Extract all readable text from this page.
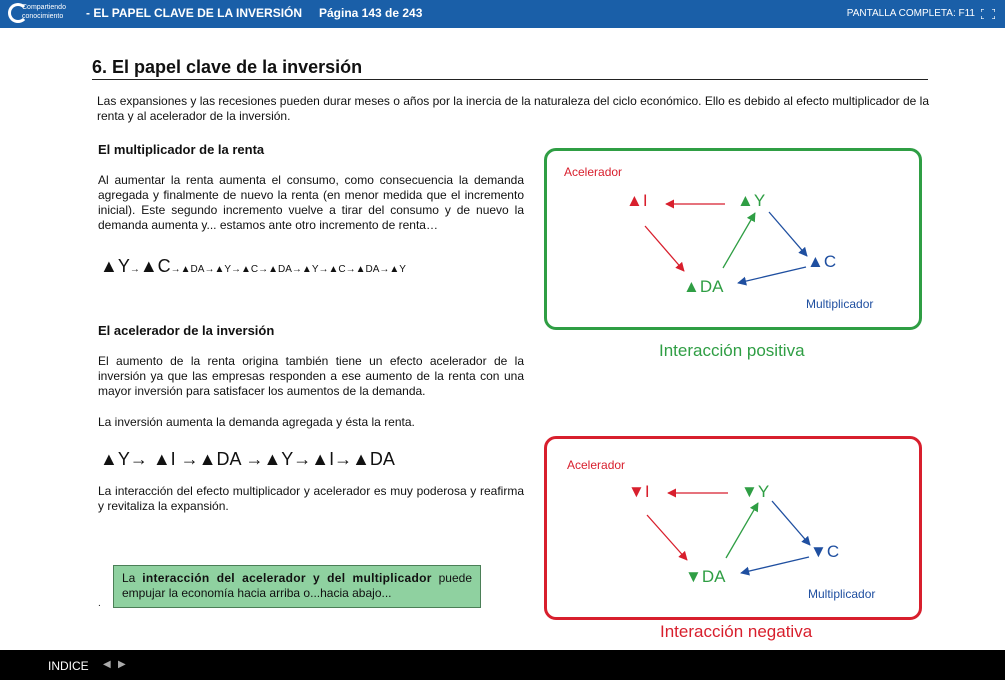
Compartiendo
conocimiento - EL PAPEL CLAVE DE LA INVERSIÓN Página 143 de 243	PANTALLA COMPLETA: F11
6. El papel clave de la inversión
Las expansiones y las recesiones pueden durar meses o años por la inercia de la naturaleza del ciclo económico. Ello es debido al efecto multiplicador de la renta y al acelerador de la inversión.
El multiplicador de la renta
Al aumentar la renta aumenta el consumo, como consecuencia la demanda agregada y finalmente de nuevo la renta (en menor medida que el incremento inicial). Este segundo incremento vuelve a tirar del consumo y de nuevo la demanda aumenta y... estamos ante otro incremento de renta…
▲Y→▲C→▲DA→▲Y→▲C→▲DA→▲Y→▲C→▲DA→▲Y
El acelerador de la inversión
El aumento de la renta origina también tiene un efecto acelerador de la inversión ya que las empresas responden a ese aumento de la renta con una mayor inversión para satisfacer los aumentos de la demanda.
La inversión aumenta la demanda agregada y ésta la renta.
▲Y→ ▲I →▲DA →▲Y→▲I→▲DA
La interacción del efecto multiplicador y acelerador es muy poderosa y reafirma y revitaliza la expansión.
La interacción del acelerador y del multiplicador puede empujar la economía hacia arriba o...hacia abajo...
.
Acelerador
▲I	▲Y
▲C
▲DA
Multiplicador
Interacción positiva
Acelerador
▼I	▼Y
▼C
▼DA
Multiplicador
Interacción negativa
INDICE ◀ ▶
